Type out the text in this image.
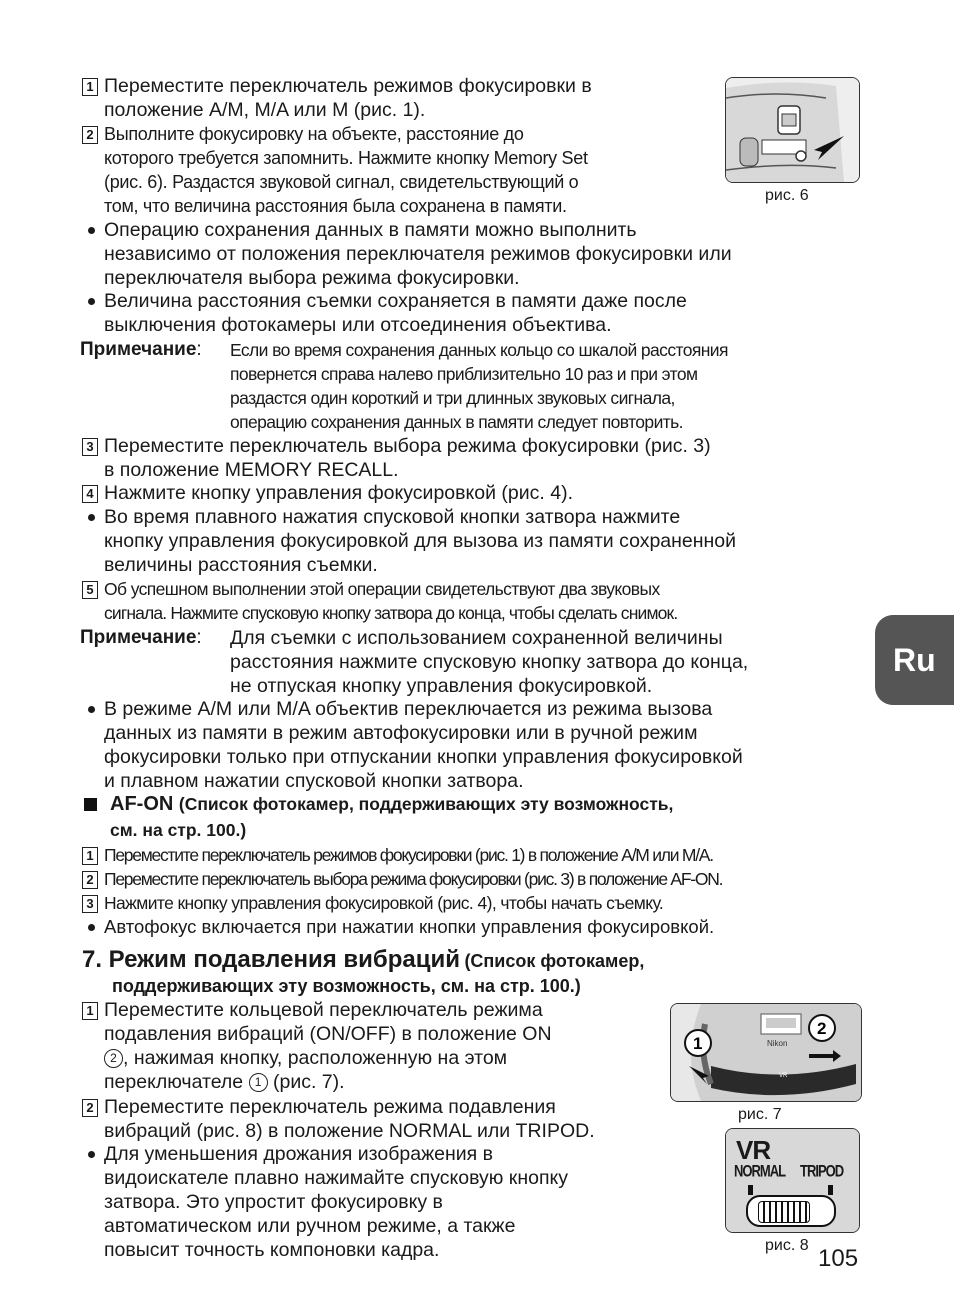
1 Переместите переключатель режимов фокусировки в
положение A/M, M/A или M (рис. 1).
2 Выполните фокусировку на объекте, расстояние до
которого требуется запомнить. Нажмите кнопку Memory Set
(рис. 6). Раздастся звуковой сигнал, свидетельствующий о
том, что величина расстояния была сохранена в памяти.
рис. 6
Операцию сохранения данных в памяти можно выполнить
независимо от положения переключателя режимов фокусировки или
переключателя выбора режима фокусировки.
Величина расстояния съемки сохраняется в памяти даже после
выключения фотокамеры или отсоединения объектива.
Примечание: Если во время сохранения данных кольцо со шкалой расстояния
повернется справа налево приблизительно 10 раз и при этом
раздастся один короткий и три длинных звуковых сигнала,
операцию сохранения данных в памяти следует повторить.
3 Переместите переключатель выбора режима фокусировки (рис. 3)
в положение MEMORY RECALL.
4 Нажмите кнопку управления фокусировкой (рис. 4).
Во время плавного нажатия спусковой кнопки затвора нажмите
кнопку управления фокусировкой для вызова из памяти сохраненной
величины расстояния съемки.
5 Об успешном выполнении этой операции свидетельствуют два звуковых
сигнала. Нажмите спусковую кнопку затвора до конца, чтобы сделать снимок.
Примечание: Для съемки с использованием сохраненной величины
расстояния нажмите спусковую кнопку затвора до конца,
не отпуская кнопку управления фокусировкой.
В режиме A/M или M/A объектив переключается из режима вызова
данных из памяти в режим автофокусировки или в ручной режим
фокусировки только при отпускании кнопки управления фокусировкой
и плавном нажатии спусковой кнопки затвора.
Ru
AF-ON (Список фотокамер, поддерживающих эту возможность,
см. на стр. 100.)
1 Переместите переключатель режимов фокусировки (рис. 1) в положение A/M или M/A.
2 Переместите переключатель выбора режима фокусировки (рис. 3) в положение AF-ON.
3 Нажмите кнопку управления фокусировкой (рис. 4), чтобы начать съемку.
Автофокус включается при нажатии кнопки управления фокусировкой.
7. Режим подавления вибраций (Список фотокамер,
поддерживающих эту возможность, см. на стр. 100.)
1 Переместите кольцевой переключатель режима
подавления вибраций (ON/OFF) в положение ON
2 , нажимая кнопку, расположенную на этом
переключателе 1 (рис. 7).
2 Переместите переключатель режима подавления
вибраций (рис. 8) в положение NORMAL или TRIPOD.
Для уменьшения дрожания изображения в
видоискателе плавно нажимайте спусковую кнопку
затвора. Это упростит фокусировку в
автоматическом или ручном режиме, а также
повысит точность компоновки кадра.
Nikon
VR
1
2
рис. 7
VR
NORMAL TRIPOD
рис. 8 105
